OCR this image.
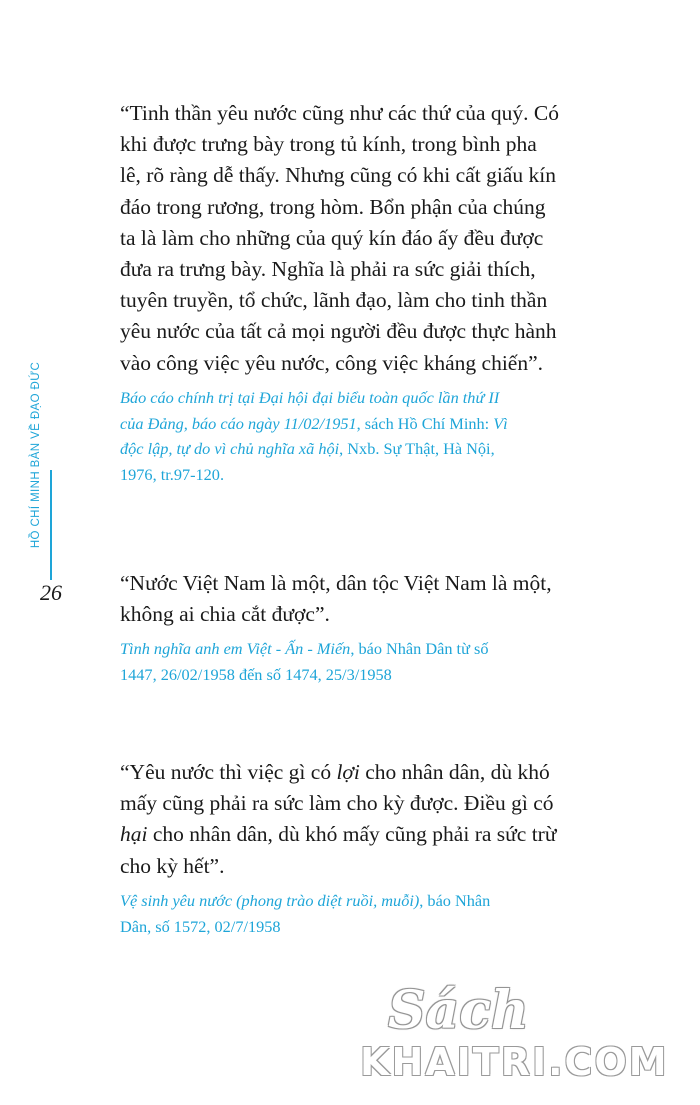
HỒ CHÍ MINH BÀN VỀ ĐẠO ĐỨC
26

“Tinh thần yêu nước cũng như các thứ của quý. Có
khi được trưng bày trong tủ kính, trong bình pha
lê, rõ ràng dễ thấy. Nhưng cũng có khi cất giấu kín
đáo trong rương, trong hòm. Bổn phận của chúng
ta là làm cho những của quý kín đáo ấy đều được
đưa ra trưng bày. Nghĩa là phải ra sức giải thích,
tuyên truyền, tổ chức, lãnh đạo, làm cho tinh thần
yêu nước của tất cả mọi người đều được thực hành
vào công việc yêu nước, công việc kháng chiến”.

Báo cáo chính trị tại Đại hội đại biểu toàn quốc lần thứ II
của Đảng, báo cáo ngày 11/02/1951, sách Hồ Chí Minh: Vì
độc lập, tự do vì chủ nghĩa xã hội, Nxb. Sự Thật, Hà Nội,
1976, tr.97-120.

“Nước Việt Nam là một, dân tộc Việt Nam là một,
không ai chia cắt được”.

Tình nghĩa anh em Việt - Ấn - Miến, báo Nhân Dân từ số
1447, 26/02/1958 đến số 1474, 25/3/1958

“Yêu nước thì việc gì có lợi cho nhân dân, dù khó
mấy cũng phải ra sức làm cho kỳ được. Điều gì có
hại cho nhân dân, dù khó mấy cũng phải ra sức trừ
cho kỳ hết”.

Vệ sinh yêu nước (phong trào diệt ruồi, muỗi), báo Nhân
Dân, số 1572, 02/7/1958

Sách
KHAITRI.COM
